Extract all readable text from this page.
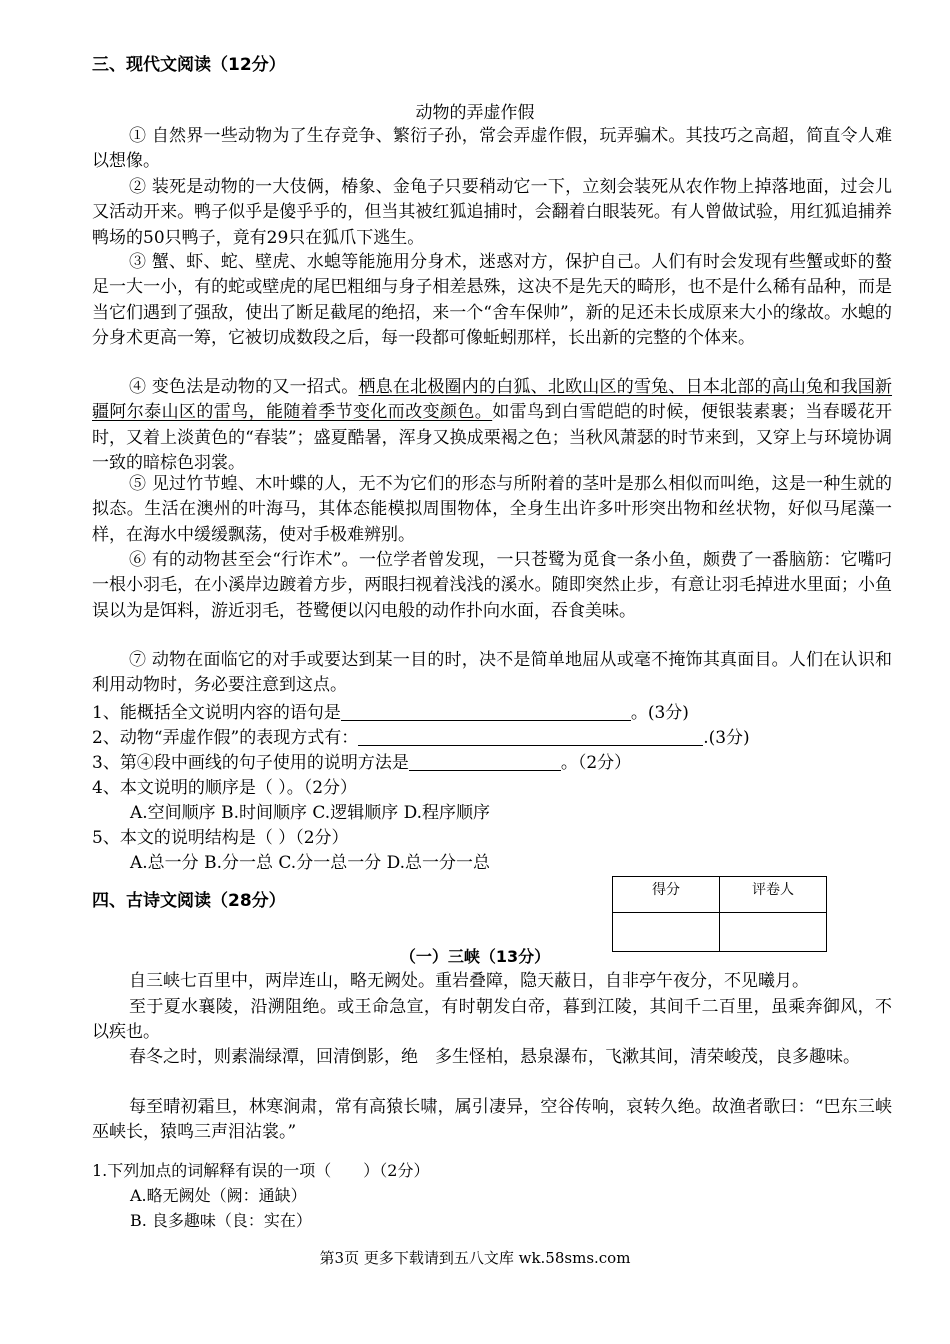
三、现代文阅读（12分）
动物的弄虚作假
① 自然界一些动物为了生存竞争、繁衍子孙，常会弄虚作假，玩弄骗术。其技巧之高超，简直令人难以想像。
② 装死是动物的一大伎俩，椿象、金龟子只要稍动它一下，立刻会装死从农作物上掉落地面，过会儿又活动开来。鸭子似乎是傻乎乎的，但当其被红狐追捕时，会翻着白眼装死。有人曾做试验，用红狐追捕养鸭场的50只鸭子，竟有29只在狐爪下逃生。
③ 蟹、虾、蛇、壁虎、水螅等能施用分身术，迷惑对方，保护自己。人们有时会发现有些蟹或虾的螯足一大一小，有的蛇或壁虎的尾巴粗细与身子相差悬殊，这决不是先天的畸形，也不是什么稀有品种，而是当它们遇到了强敌，使出了断足截尾的绝招，来一个“舍车保帅”，新的足还未长成原来大小的缘故。水螅的分身术更高一筹，它被切成数段之后，每一段都可像蚯蚓那样，长出新的完整的个体来。
④ 变色法是动物的又一招式。栖息在北极圈内的白狐、北欧山区的雪兔、日本北部的高山兔和我国新疆阿尔泰山区的雷鸟，能随着季节变化而改变颜色。如雷鸟到白雪皑皑的时候，便银装素裹；当春暖花开时，又着上淡黄色的“春装”；盛夏酷暑，浑身又换成栗褐之色；当秋风萧瑟的时节来到，又穿上与环境协调一致的暗棕色羽裳。
⑤ 见过竹节蝗、木叶蝶的人，无不为它们的形态与所附着的茎叶是那么相似而叫绝，这是一种生就的拟态。生活在澳州的叶海马，其体态能模拟周围物体，全身生出许多叶形突出物和丝状物，好似马尾藻一样，在海水中缓缓飘荡，使对手极难辨别。
⑥ 有的动物甚至会“行诈术”。一位学者曾发现，一只苍鹭为觅食一条小鱼，颇费了一番脑筋：它嘴叼一根小羽毛，在小溪岸边踱着方步，两眼扫视着浅浅的溪水。随即突然止步，有意让羽毛掉进水里面；小鱼误以为是饵料，游近羽毛，苍鹭便以闪电般的动作扑向水面，吞食美味。
⑦ 动物在面临它的对手或要达到某一目的时，决不是简单地屈从或毫不掩饰其真面目。人们在认识和利用动物时，务必要注意到这点。
1、能概括全文说明内容的语句是	。(3分)
2、动物“弄虚作假”的表现方式有：	.(3分)
3、第④段中画线的句子使用的说明方法是	。（2分）
4、本文说明的顺序是（ ）。（2分）
A.空间顺序 B.时间顺序 C.逻辑顺序 D.程序顺序
5、本文的说明结构是（ ）（2分）
A.总一分 B.分一总 C.分一总一分 D.总一分一总
四、古诗文阅读（28分）
得分	评卷人

（一）三峡（13分）
自三峡七百里中，两岸连山，略无阙处。重岩叠障，隐天蔽日，自非亭午夜分，不见曦月。
至于夏水襄陵，沿溯阻绝。或王命急宣，有时朝发白帝，暮到江陵，其间千二百里，虽乘奔御风，不以疾也。
春冬之时，则素湍绿潭，回清倒影，绝　多生怪柏，悬泉瀑布，飞漱其间，清荣峻茂，良多趣味。
每至晴初霜旦，林寒涧肃，常有高猿长啸，属引凄异，空谷传响，哀转久绝。故渔者歌曰：“巴东三峡巫峡长，猿鸣三声泪沾裳。”
1.下列加点的词解释有误的一项（　　）（2分）
A.略无阙处（阙：通缺）
B. 良多趣味（良：实在）
第3页 更多下载请到五八文库 wk.58sms.com
